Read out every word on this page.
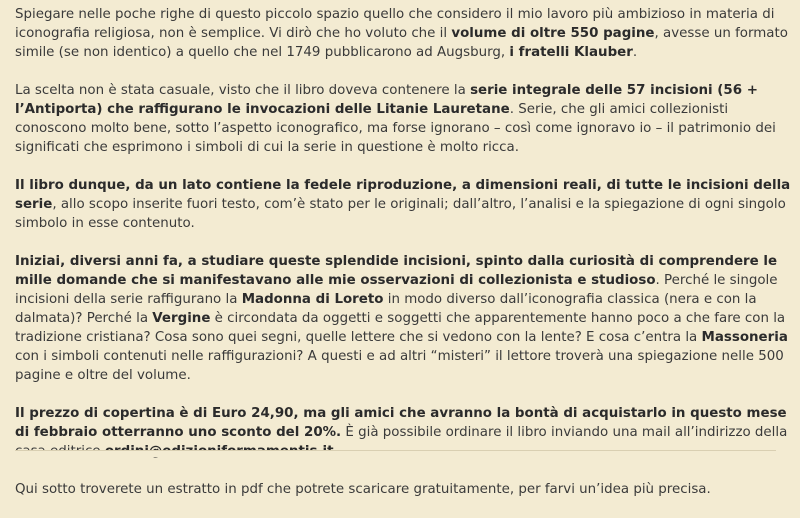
Spiegare nelle poche righe di questo piccolo spazio quello che considero il mio lavoro più ambizioso in materia di iconografia religiosa, non è semplice. Vi dirò che ho voluto che il volume di oltre 550 pagine, avesse un formato simile (se non identico) a quello che nel 1749 pubblicarono ad Augsburg, i fratelli Klauber.

La scelta non è stata casuale, visto che il libro doveva contenere la serie integrale delle 57 incisioni (56 + l’Antiporta) che raffigurano le invocazioni delle Litanie Lauretane. Serie, che gli amici collezionisti conoscono molto bene, sotto l’aspetto iconografico, ma forse ignorano – così come ignoravo io – il patrimonio dei significati che esprimono i simboli di cui la serie in questione è molto ricca.

Il libro dunque, da un lato contiene la fedele riproduzione, a dimensioni reali, di tutte le incisioni della serie, allo scopo inserite fuori testo, com’è stato per le originali; dall’altro, l’analisi e la spiegazione di ogni singolo simbolo in esse contenuto.

Iniziai, diversi anni fa, a studiare queste splendide incisioni, spinto dalla curiosità di comprendere le mille domande che si manifestavano alle mie osservazioni di collezionista e studioso. Perché le singole incisioni della serie raffigurano la Madonna di Loreto in modo diverso dall’iconografia classica (nera e con la dalmata)? Perché la Vergine è circondata da oggetti e soggetti che apparentemente hanno poco a che fare con la tradizione cristiana? Cosa sono quei segni, quelle lettere che si vedono con la lente? E cosa c’entra la Massoneria con i simboli contenuti nelle raffigurazioni? A questi e ad altri “misteri” il lettore troverà una spiegazione nelle 500 pagine e oltre del volume.

Il prezzo di copertina è di Euro 24,90, ma gli amici che avranno la bontà di acquistarlo in questo mese di febbraio otterranno uno sconto del 20%. È già possibile ordinare il libro inviando una mail all’indirizzo della

Qui sotto troverete un estratto in pdf che potrete scaricare gratuitamente, per farvi un’idea più precisa.
